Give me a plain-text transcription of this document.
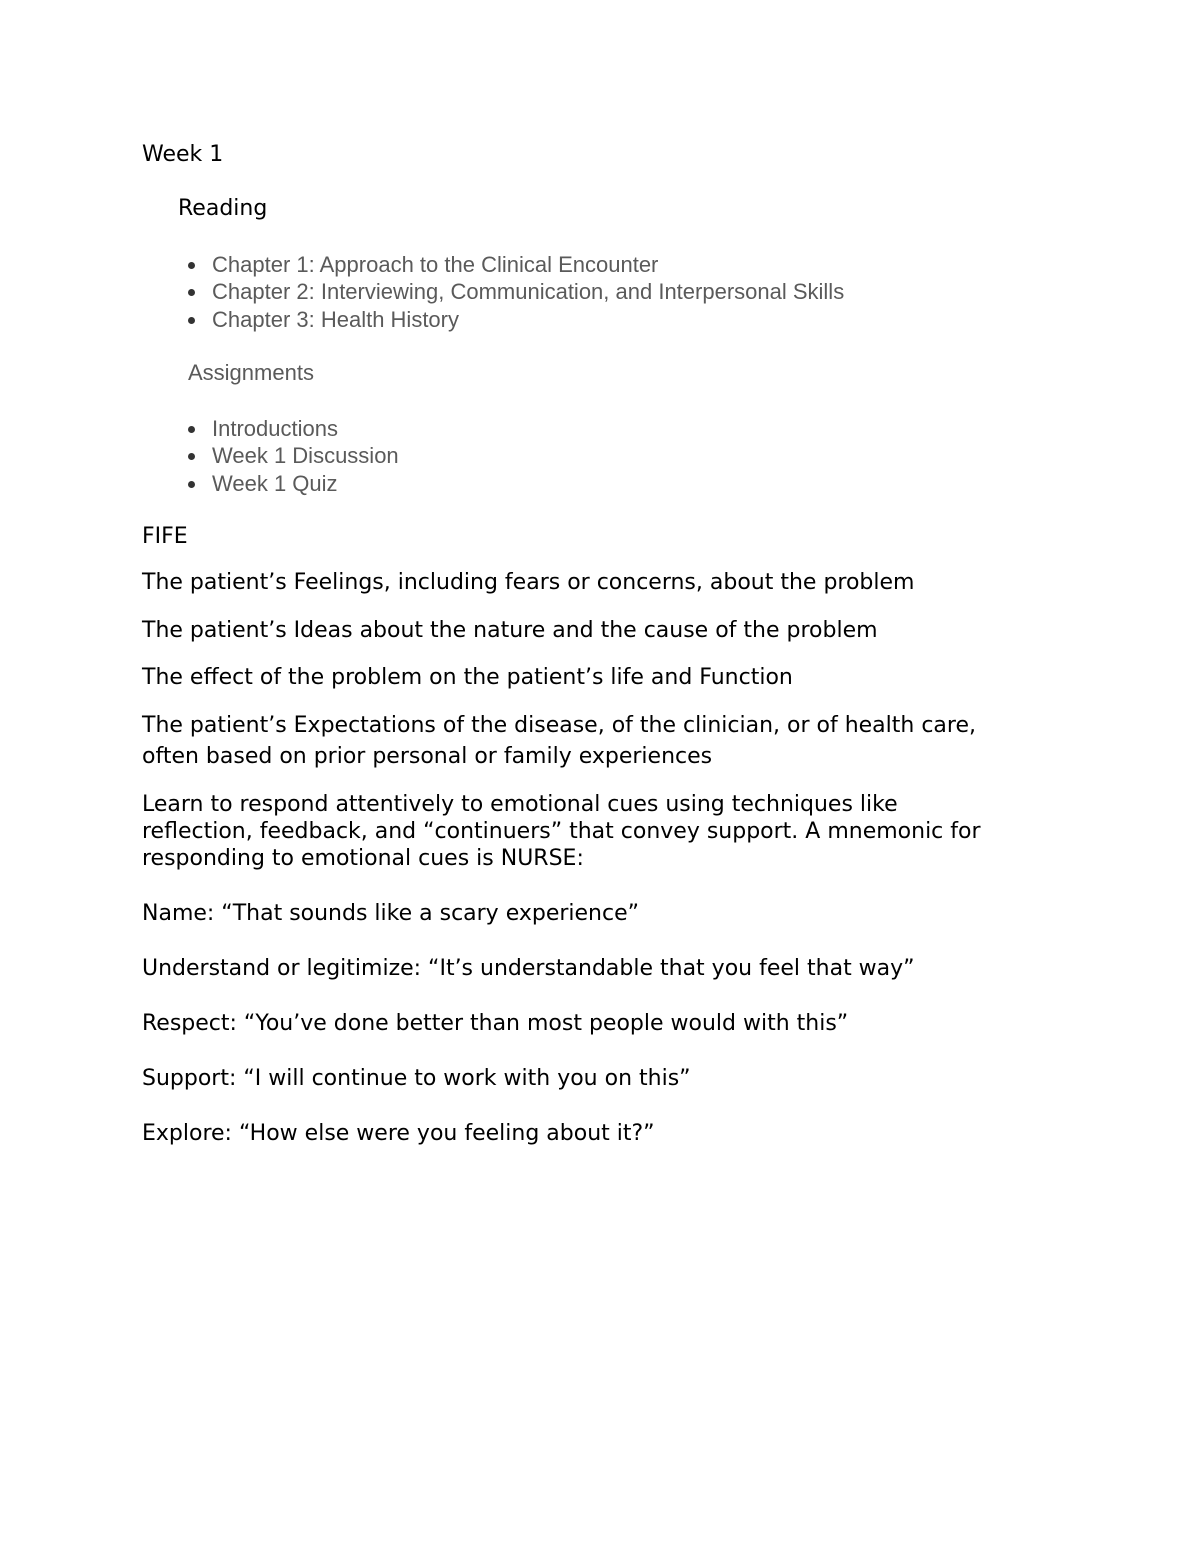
Week 1
Reading
Chapter 1: Approach to the Clinical Encounter
Chapter 2: Interviewing, Communication, and Interpersonal Skills
Chapter 3: Health History
Assignments
Introductions
Week 1 Discussion
Week 1 Quiz
FIFE
The patient’s Feelings, including fears or concerns, about the problem
The patient’s Ideas about the nature and the cause of the problem
The effect of the problem on the patient’s life and Function
The patient’s Expectations of the disease, of the clinician, or of health care,
often based on prior personal or family experiences
Learn to respond attentively to emotional cues using techniques like
reflection, feedback, and “continuers” that convey support. A mnemonic for
responding to emotional cues is NURSE:
Name: “That sounds like a scary experience”
Understand or legitimize: “It’s understandable that you feel that way”
Respect: “You’ve done better than most people would with this”
Support: “I will continue to work with you on this”
Explore: “How else were you feeling about it?”
